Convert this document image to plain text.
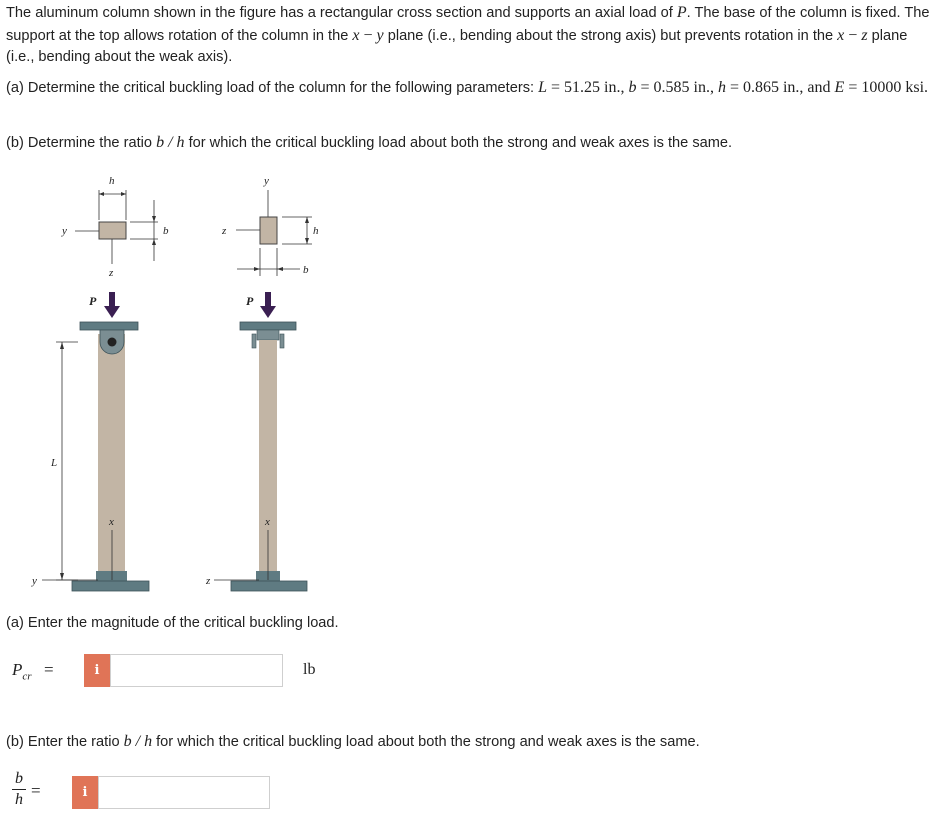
The aluminum column shown in the figure has a rectangular cross section and supports an axial load of P. The base of the column is fixed. The support at the top allows rotation of the column in the x − y plane (i.e., bending about the strong axis) but prevents rotation in the x − z plane (i.e., bending about the weak axis).
(a) Determine the critical buckling load of the column for the following parameters: L = 51.25 in., b = 0.585 in., h = 0.865 in., and E = 10000 ksi.
(b) Determine the ratio b / h for which the critical buckling load about both the strong and weak axes is the same.
h
y
z
b
P
x
L
y
y
z	h
b
P
x
z
(a) Enter the magnitude of the critical buckling load.
$P_{cr}$ =	i	lb
(b) Enter the ratio b / h for which the critical buckling load about both the strong and weak axes is the same.
$\frac{b}{h}$ =	i
